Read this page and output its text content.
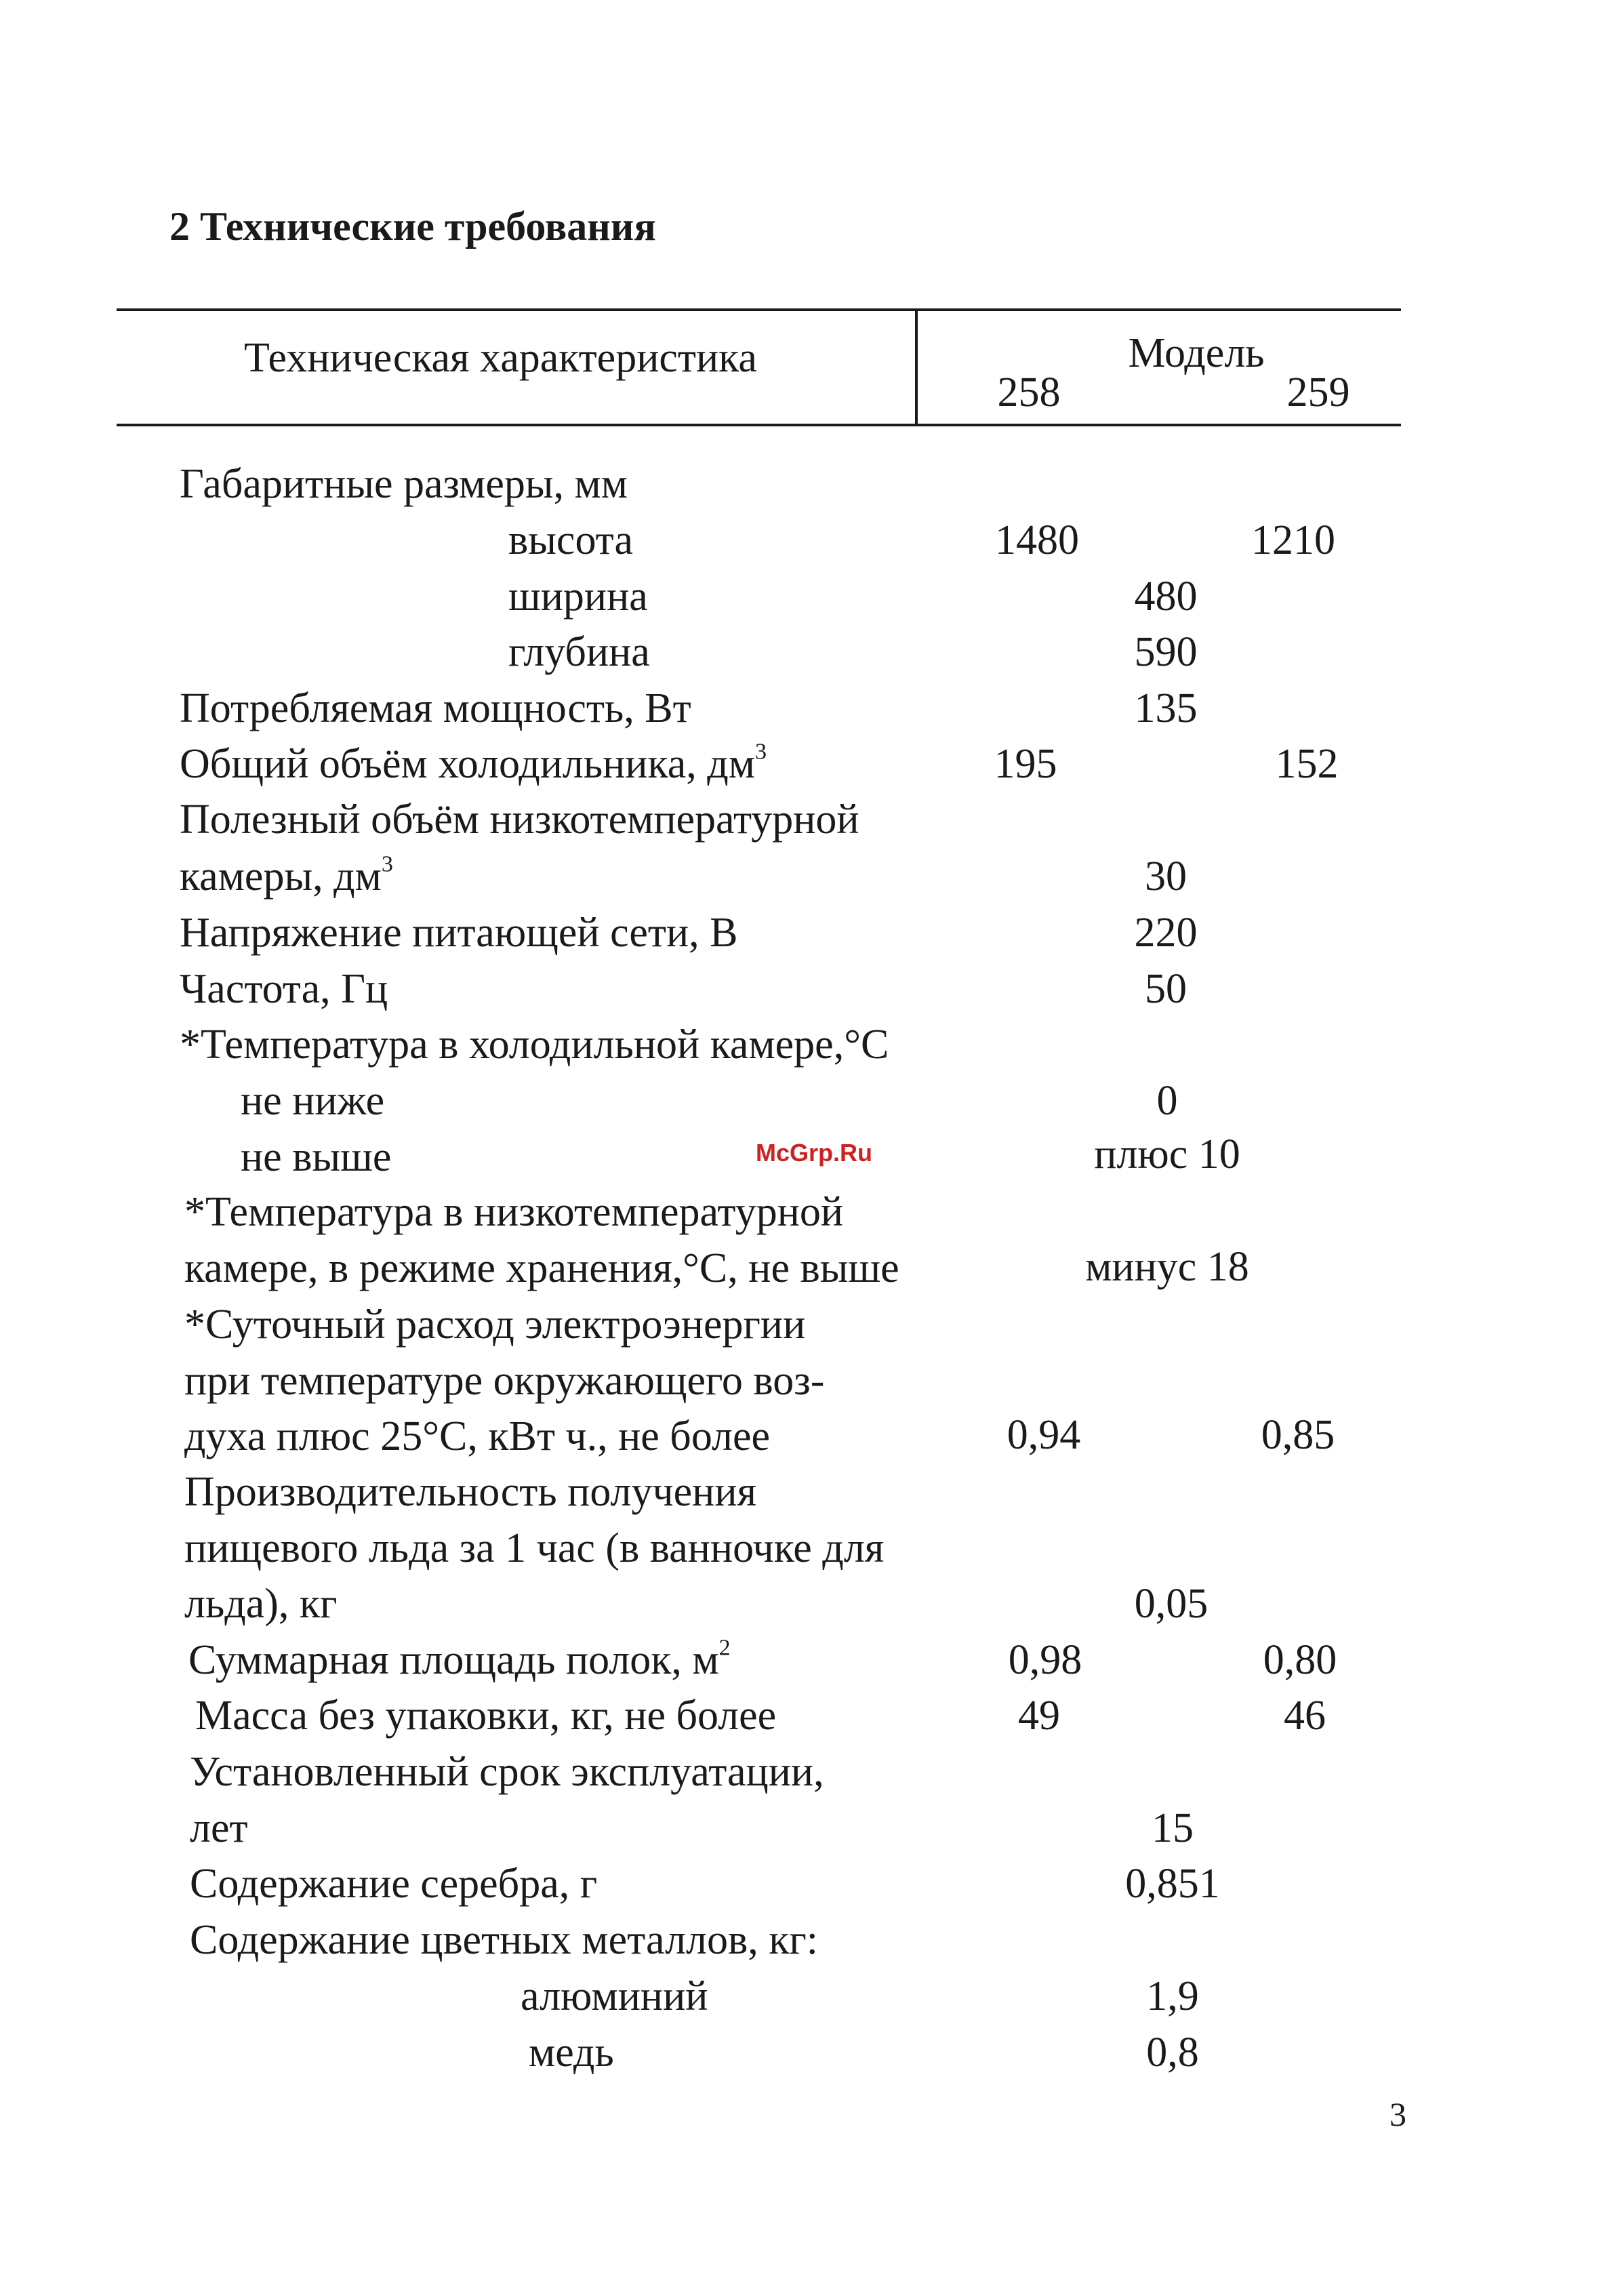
2 Технические требования
Техническая характеристика	Модель
258	259
Габаритные размеры, мм
высота	1480	1210
ширина	480
глубина	590
Потребляемая мощность, Вт	135
Общий объём холодильника, $дм^3$	195	152
Полезный объём низкотемпературной
камеры, $дм^3$	30
Напряжение питающей сети, В	220
Частота, Гц	50
*Температура в холодильной камере,°С
не ниже	0
не выше	плюс 10
*Температура в низкотемпературной
камере, в режиме хранения,°С, не выше	минус 18
*Суточный расход электроэнергии
при температуре окружающего воз-
духа плюс 25°С, кВт ч., не более	0,94	0,85
Производительность получения
пищевого льда за 1 час (в ванночке для
льда), кг	0,05
Суммарная площадь полок, $м^2$	0,98	0,80
Масса без упаковки, кг, не более	49	46
Установленный срок эксплуатации,
лет	15
Содержание серебра, г	0,851
Содержание цветных металлов, кг:
алюминий	1,9
медь	0,8
McGrp.Ru
3
